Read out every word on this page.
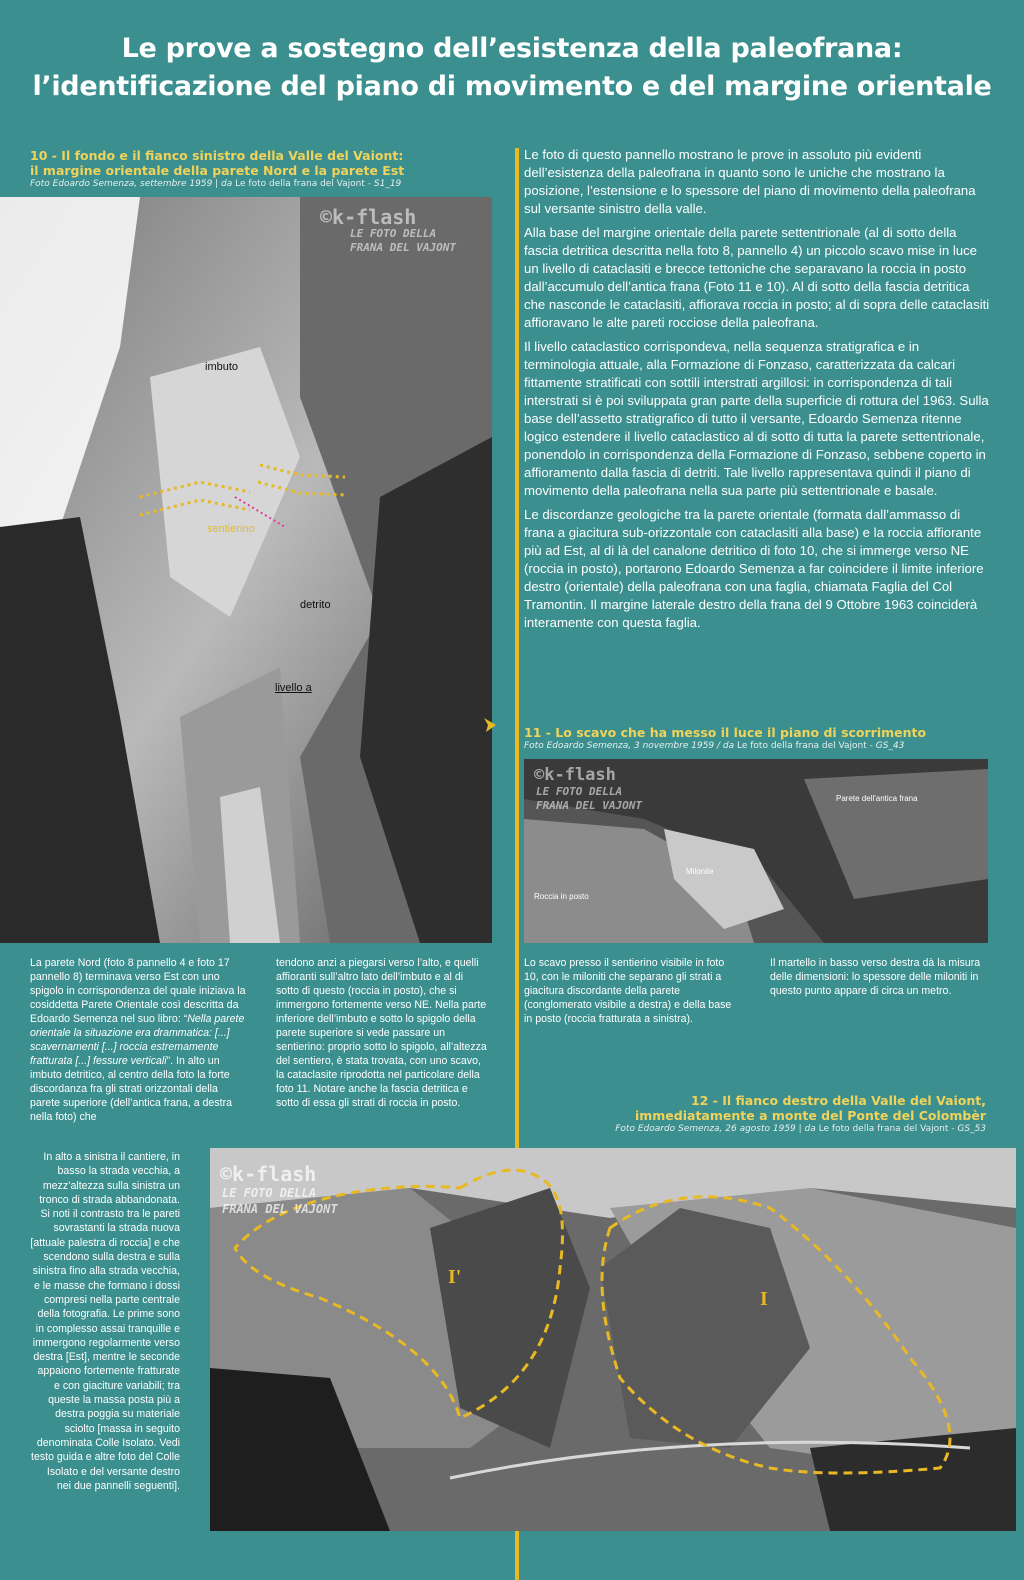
Le prove a sostegno dell’esistenza della paleofrana:
l’identificazione del piano di movimento e del margine orientale
10 - Il fondo e il fianco sinistro della Valle del Vaiont:
il margine orientale della parete Nord e la parete Est
Foto Edoardo Semenza, settembre 1959 | da Le foto della frana del Vajont - S1_19
©k-flash
LE FOTO DELLA
FRANA DEL VAJONT
imbuto
sentierino
detrito
livello a
La parete Nord (foto 8 pannello 4 e foto 17 pannello 8) terminava verso Est con uno spigolo in corrispondenza del quale iniziava la cosiddetta Parete Orientale così descritta da Edoardo Semenza nel suo libro: “Nella parete orientale la situazione era drammatica: [...] scavernamenti [...] roccia estremamente fratturata [...] fessure verticali”. In alto un imbuto detritico, al centro della foto la forte discordanza fra gli strati orizzontali della parete superiore (dell’antica frana, a destra nella foto) che
tendono anzi a piegarsi verso l’alto, e quelli affioranti sull’altro lato dell’imbuto e al di sotto di questo (roccia in posto), che si immergono fortemente verso NE. Nella parte inferiore dell’imbuto e sotto lo spigolo della parete superiore si vede passare un sentierino: proprio sotto lo spigolo, all’altezza del sentiero, è stata trovata, con uno scavo, la cataclasite riprodotta nel particolare della foto 11. Notare anche la fascia detritica e sotto di essa gli strati di roccia in posto.

Le foto di questo pannello mostrano le prove in assoluto più evidenti dell’esistenza della paleofrana in quanto sono le uniche che mostrano la posizione, l’estensione e lo spessore del piano di movimento della paleofrana sul versante sinistro della valle.

Alla base del margine orientale della parete settentrionale (al di sotto della fascia detritica descritta nella foto 8, pannello 4) un piccolo scavo mise in luce un livello di cataclasiti e brecce tettoniche che separavano la roccia in posto dall’accumulo dell’antica frana (Foto 11 e 10). Al di sotto della fascia detritica che nasconde le cataclasiti, affiorava roccia in posto; al di sopra delle cataclasiti affioravano le alte pareti rocciose della paleofrana.

Il livello cataclastico corrispondeva, nella sequenza stratigrafica e in terminologia attuale, alla Formazione di Fonzaso, caratterizzata da calcari fittamente stratificati con sottili interstrati argillosi: in corrispondenza di tali interstrati si è poi sviluppata gran parte della superficie di rottura del 1963. Sulla base dell’assetto stratigrafico di tutto il versante, Edoardo Semenza ritenne logico estendere il livello cataclastico al di sotto di tutta la parete settentrionale, ponendolo in corrispondenza della Formazione di Fonzaso, sebbene coperto in affioramento dalla fascia di detriti. Tale livello rappresentava quindi il piano di movimento della paleofrana nella sua parte più settentrionale e basale.

Le discordanze geologiche tra la parete orientale (formata dall’ammasso di frana a giacitura sub-orizzontale con cataclasiti alla base) e la roccia affiorante più ad Est, al di là del canalone detritico di foto 10, che si immerge verso NE (roccia in posto), portarono Edoardo Semenza a far coincidere il limite inferiore destro (orientale) della paleofrana con una faglia, chiamata Faglia del Col Tramontin. Il margine laterale destro della frana del 9 Ottobre 1963 coinciderà interamente con questa faglia.

11 - Lo scavo che ha messo il luce il piano di scorrimento
Foto Edoardo Semenza, 3 novembre 1959 / da Le foto della frana del Vajont - GS_43
©k-flash
LE FOTO DELLA
FRANA DEL VAJONT
Parete dell'antica frana
Milonite
Roccia in posto
Lo scavo presso il sentierino visibile in foto 10, con le miloniti che separano gli strati a giacitura discordante della parete (conglomerato visibile a destra) e della base in posto (roccia fratturata a sinistra).
Il martello in basso verso destra dà la misura delle dimensioni: lo spessore delle miloniti in questo punto appare di circa un metro.
12 - Il fianco destro della Valle del Vaiont,
immediatamente a monte del Ponte del Colombèr
Foto Edoardo Semenza, 26 agosto 1959 | da Le foto della frana del Vajont - GS_53
In alto a sinistra il cantiere, in basso la strada vecchia, a mezz’altezza sulla sinistra un tronco di strada abbandonata. Si noti il contrasto tra le pareti sovrastanti la strada nuova [attuale palestra di roccia] e che scendono sulla destra e sulla sinistra fino alla strada vecchia, e le masse che formano i dossi compresi nella parte centrale della fotografia. Le prime sono in complesso assai tranquille e immergono regolarmente verso destra [Est], mentre le seconde appaiono fortemente fratturate e con giaciture variabili; tra queste la massa posta più a destra poggia su materiale sciolto [massa in seguito denominata Colle Isolato. Vedi testo guida e altre foto del Colle Isolato e del versante destro nei due pannelli seguenti].
©k-flash
LE FOTO DELLA
FRANA DEL VAJONT
I'
I
